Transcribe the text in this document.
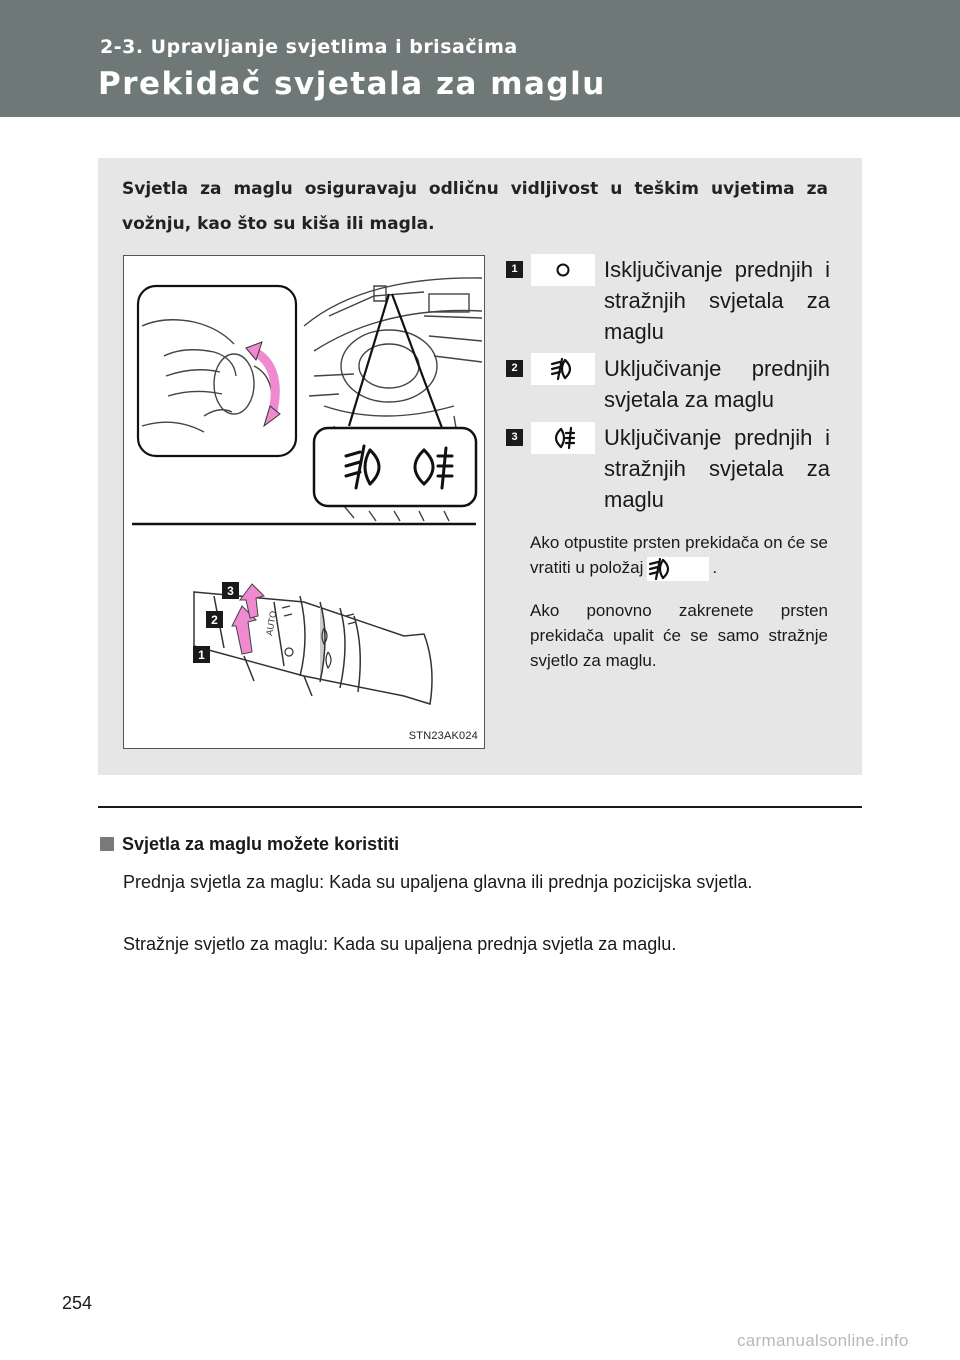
2-3. Upravljanje svjetlima i brisačima
Prekidač svjetala za maglu
Svjetla za maglu osiguravaju odličnu vidljivost u teškim uvjetima za vožnju, kao što su kiša ili magla.
AUTO
3
2
1
STN23AK024
1	Isključivanje prednjih i stražnjih svjetala za maglu
2	Uključivanje prednjih svjetala za maglu
3	Uključivanje prednjih i stražnjih svjetala za maglu
Ako otpustite prsten prekidača on će se vratiti u položaj	.
Ako ponovno zakrenete prsten prekidača upalit će se samo stražnje svjetlo za maglu.
Svjetla za maglu možete koristiti
Prednja svjetla za maglu: Kada su upaljena glavna ili prednja pozicijska svjetla.
Stražnje svjetlo za maglu: Kada su upaljena prednja svjetla za maglu.
254
carmanualsonline.info
